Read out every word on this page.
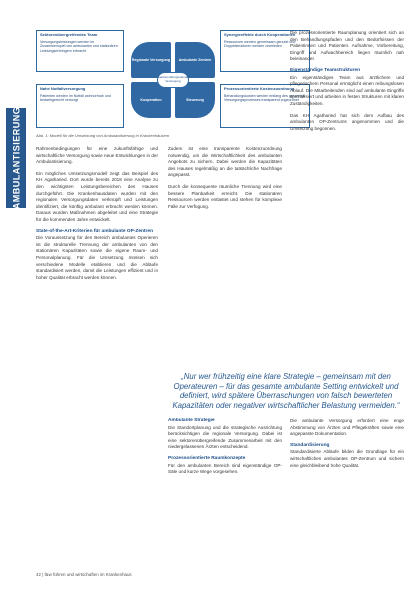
AMBULANTISIERUNG
Sektorenübergreifendes Team
Versorgungsleistungen werden im Zusammenspiel von ambulanten und stationären Leistungserbringern erbracht
Synergieeffekte durch Kooperationen
Ressourcen werden gemeinsam genutzt und Doppelstrukturen werden vermieden
Nahe Notfallversorgung
Patienten werden im Notfall wohnortnah und bedarfsgerecht versorgt
Prozessorientierte Kostenzuordnung
Behandlungskosten werden entlang des gesamten Versorgungsprozesses transparent zugeordnet
Regionale Versorgung	Ambulante Zentren
Kooperation	Steuerung
Sektorenübergreifende Versorgung
Abb. 1: Modell für die Umsetzung von Ambulantisierung in Krankenhäusern

Rahmenbedingungen für eine zukunftsfähige und wirtschaftliche Versorgung sowie neue Entwicklungen in der Ambulantisierung.

Ein mögliches Umsetzungsmodell zeigt das Beispiel des KH Agatharied. Dort wurde bereits 2018 eine Analyse zu den wichtigsten Leistungsbereichen des Hauses durchgeführt. Die Krankenhausdaten wurden mit den regionalen Versorgungsdaten verknüpft und Leistungen identifiziert, die künftig ambulant erbracht werden können. Daraus wurden Maßnahmen abgeleitet und eine Strategie für die kommenden Jahre entwickelt.

State-of-the-Art-Kriterien für ambulante OP-Zentren

Die Voraussetzung für den Bereich ambulantes Operieren ist die strukturelle Trennung der ambulanten von den stationären Kapazitäten sowie die eigene Raum- und Personalplanung. Für die Umsetzung müssen sich verschiedene Modelle etablieren und die Abläufe standardisiert werden, damit die Leistungen effizient und in hoher Qualität erbracht werden können.

Zudem ist eine transparente Kostenzuordnung notwendig, um die Wirtschaftlichkeit des ambulanten Angebots zu sichern. Dabei werden die Kapazitäten des Hauses regelmäßig an die tatsächliche Nachfrage angepasst.

Durch die konsequente räumliche Trennung wird eine bessere Planbarkeit erreicht. Die stationären Ressourcen werden entlastet und stehen für komplexe Fälle zur Verfügung.

Die prozessorientierte Raumplanung orientiert sich an den Behandlungspfaden und den Bedürfnissen der Patientinnen und Patienten. Aufnahme, Vorbereitung, Eingriff und Aufwachbereich liegen räumlich nah beieinander.

Eigenständige Teamstrukturen

Ein eigenständiges Team aus ärztlichem und pflegerischem Personal ermöglicht einen reibungslosen Ablauf. Die Mitarbeitenden sind auf ambulante Eingriffe spezialisiert und arbeiten in festen Strukturen mit klaren Zuständigkeiten.

Das KH Agatharied hat sich dem Aufbau des ambulanten OP-Zentrums angenommen und die Umsetzung begonnen.

„Nur wer frühzeitig eine klare Strategie – gemeinsam mit den Operateuren – für das gesamte ambulante Setting entwickelt und definiert, wird spätere Überraschungen von falsch bewerteten Kapazitäten oder negativer wirtschaftlicher Belastung vermeiden.“
Ambulante Strategie

Die Standortplanung und die strategische Ausrichtung berücksichtigen die regionale Versorgung. Dabei ist eine sektorenübergreifende Zusammenarbeit mit den niedergelassenen Ärzten entscheidend.

Prozessorientierte Raumkonzepte

Für den ambulanten Bereich sind eigenständige OP-Säle und kurze Wege vorgesehen.

Die ambulante Versorgung erfordert eine enge Abstimmung von Ärzten und Pflegekräften sowie eine angepasste Dokumentation.

Standardisierung

Standardisierte Abläufe bilden die Grundlage für ein wirtschaftliches ambulantes OP-Zentrum und sichern eine gleichbleibend hohe Qualität.

42 | f&w führen und wirtschaften im Krankenhaus
